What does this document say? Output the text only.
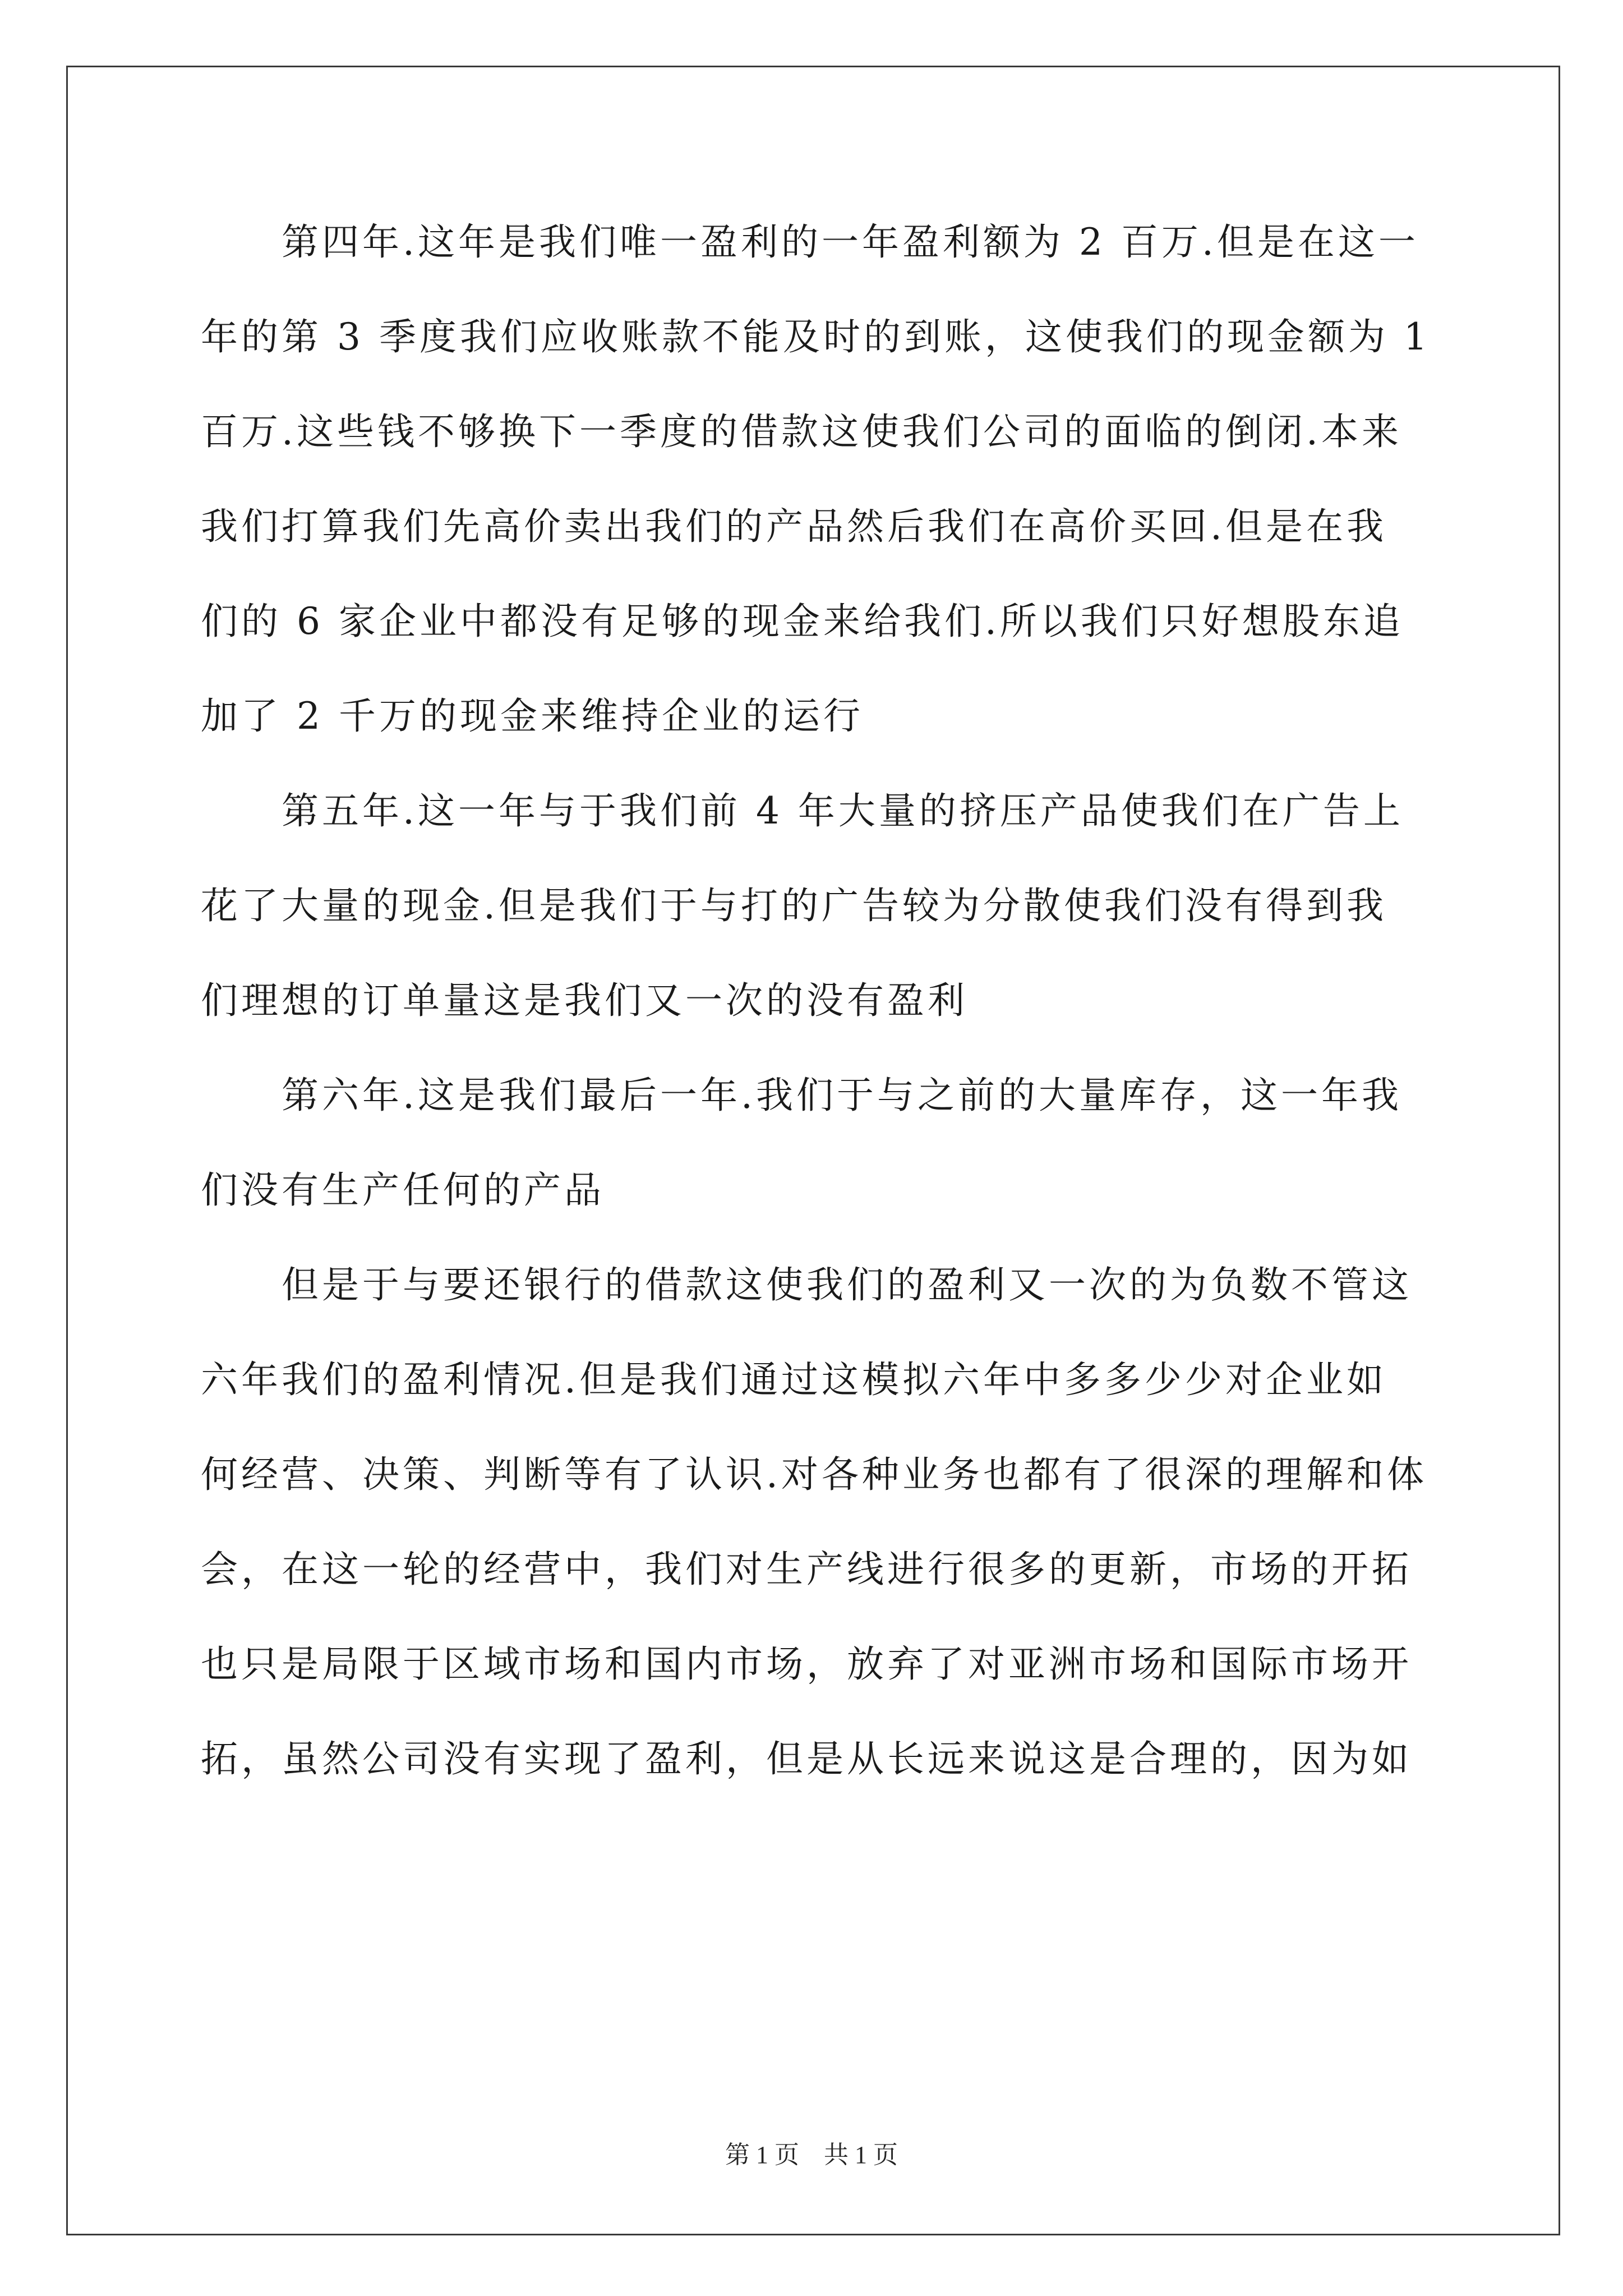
　　第四年.这年是我们唯一盈利的一年盈利额为 2 百万.但是在这一
年的第 3 季度我们应收账款不能及时的到账，这使我们的现金额为 1
百万.这些钱不够换下一季度的借款这使我们公司的面临的倒闭.本来
我们打算我们先高价卖出我们的产品然后我们在高价买回.但是在我
们的 6 家企业中都没有足够的现金来给我们.所以我们只好想股东追
加了 2 千万的现金来维持企业的运行
　　第五年.这一年与于我们前 4 年大量的挤压产品使我们在广告上
花了大量的现金.但是我们于与打的广告较为分散使我们没有得到我
们理想的订单量这是我们又一次的没有盈利
　　第六年.这是我们最后一年.我们于与之前的大量库存，这一年我
们没有生产任何的产品
　　但是于与要还银行的借款这使我们的盈利又一次的为负数不管这
六年我们的盈利情况.但是我们通过这模拟六年中多多少少对企业如
何经营、决策、判断等有了认识.对各种业务也都有了很深的理解和体
会，在这一轮的经营中，我们对生产线进行很多的更新，市场的开拓
也只是局限于区域市场和国内市场，放弃了对亚洲市场和国际市场开
拓，虽然公司没有实现了盈利，但是从长远来说这是合理的，因为如
第 1 页　共 1 页
